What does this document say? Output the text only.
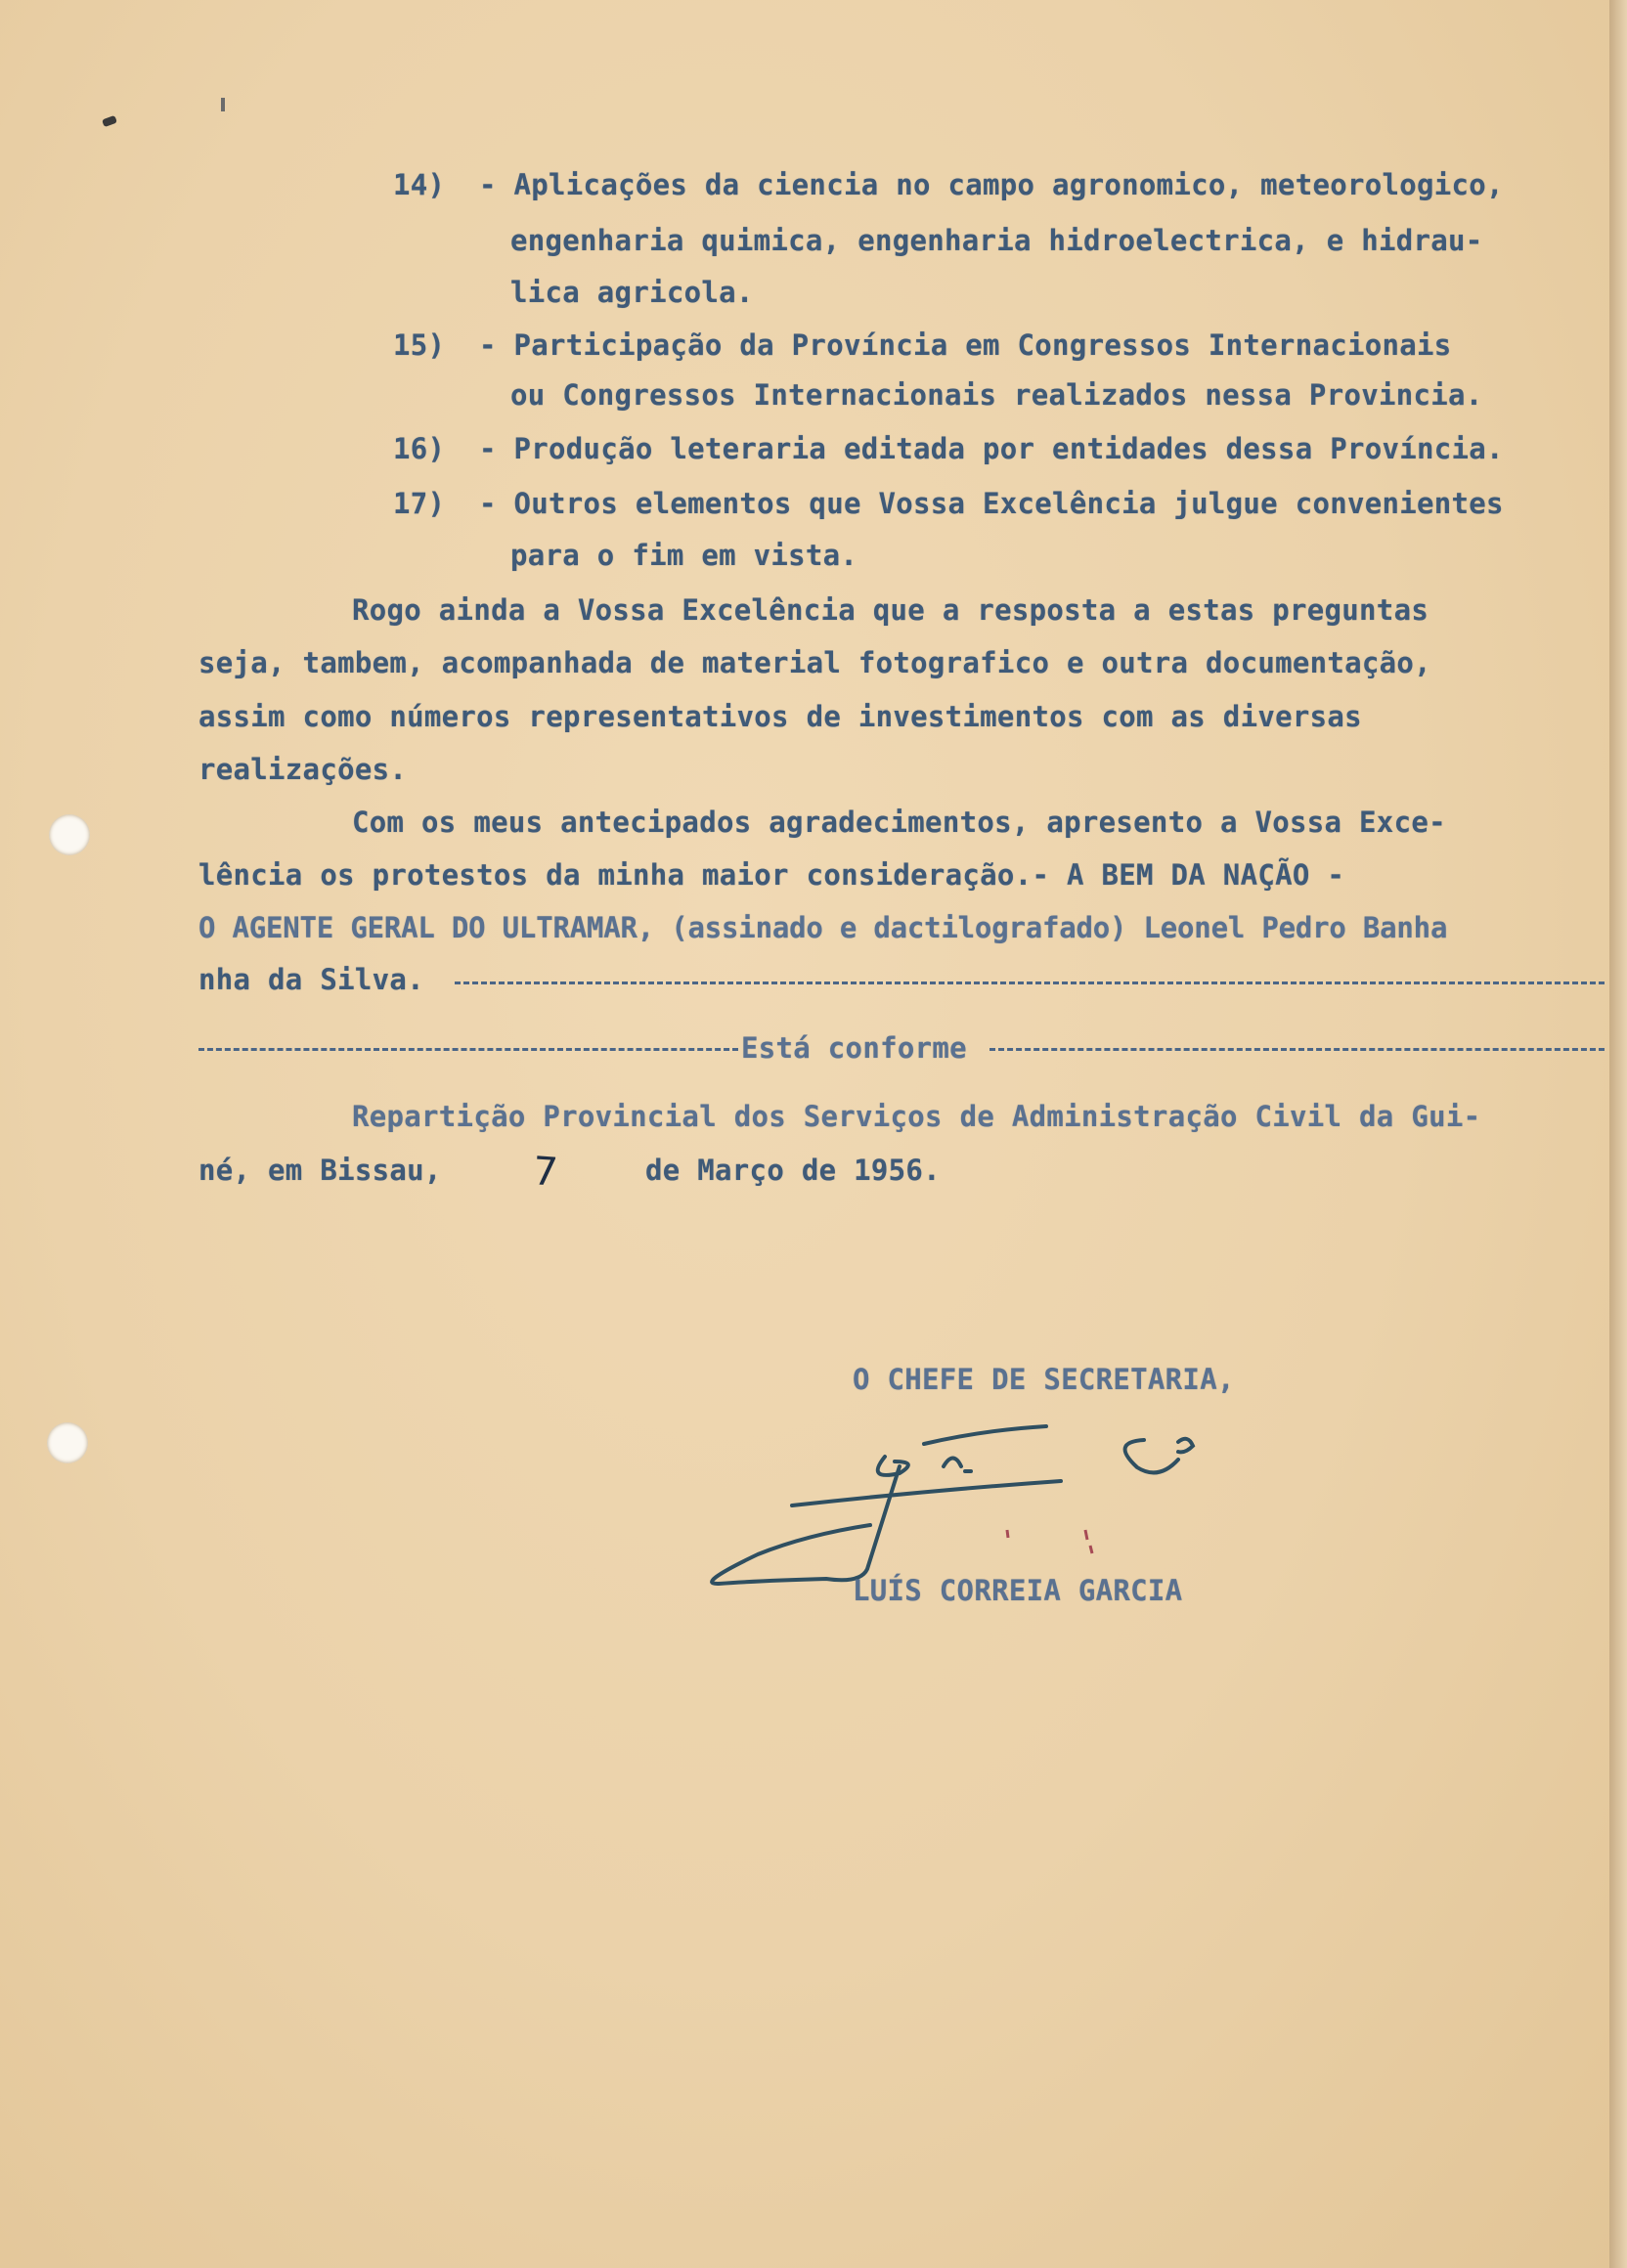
14) - Aplicações da ciencia no campo agronomico, meteorologico,
engenharia quimica, engenharia hidroelectrica, e hidrau-
lica agricola.
15) - Participação da Província em Congressos Internacionais
ou Congressos Internacionais realizados nessa Provincia.
16) - Produção leteraria editada por entidades dessa Província.
17) - Outros elementos que Vossa Excelência julgue convenientes
para o fim em vista.
Rogo ainda a Vossa Excelência que a resposta a estas preguntas
seja, tambem, acompanhada de material fotografico e outra documentação,
assim como números representativos de investimentos com as diversas
realizações.
Com os meus antecipados agradecimentos, apresento a Vossa Exce-
lência os protestos da minha maior consideração.- A BEM DA NAÇÃO -
O AGENTE GERAL DO ULTRAMAR, (assinado e dactilografado) Leonel Pedro Banha
nha da Silva.
Está conforme
Repartição Provincial dos Serviços de Administração Civil da Gui-
né, em Bissau, 7	de Março de 1956.
O CHEFE DE SECRETARIA,
LUÍS CORREIA GARCIA
